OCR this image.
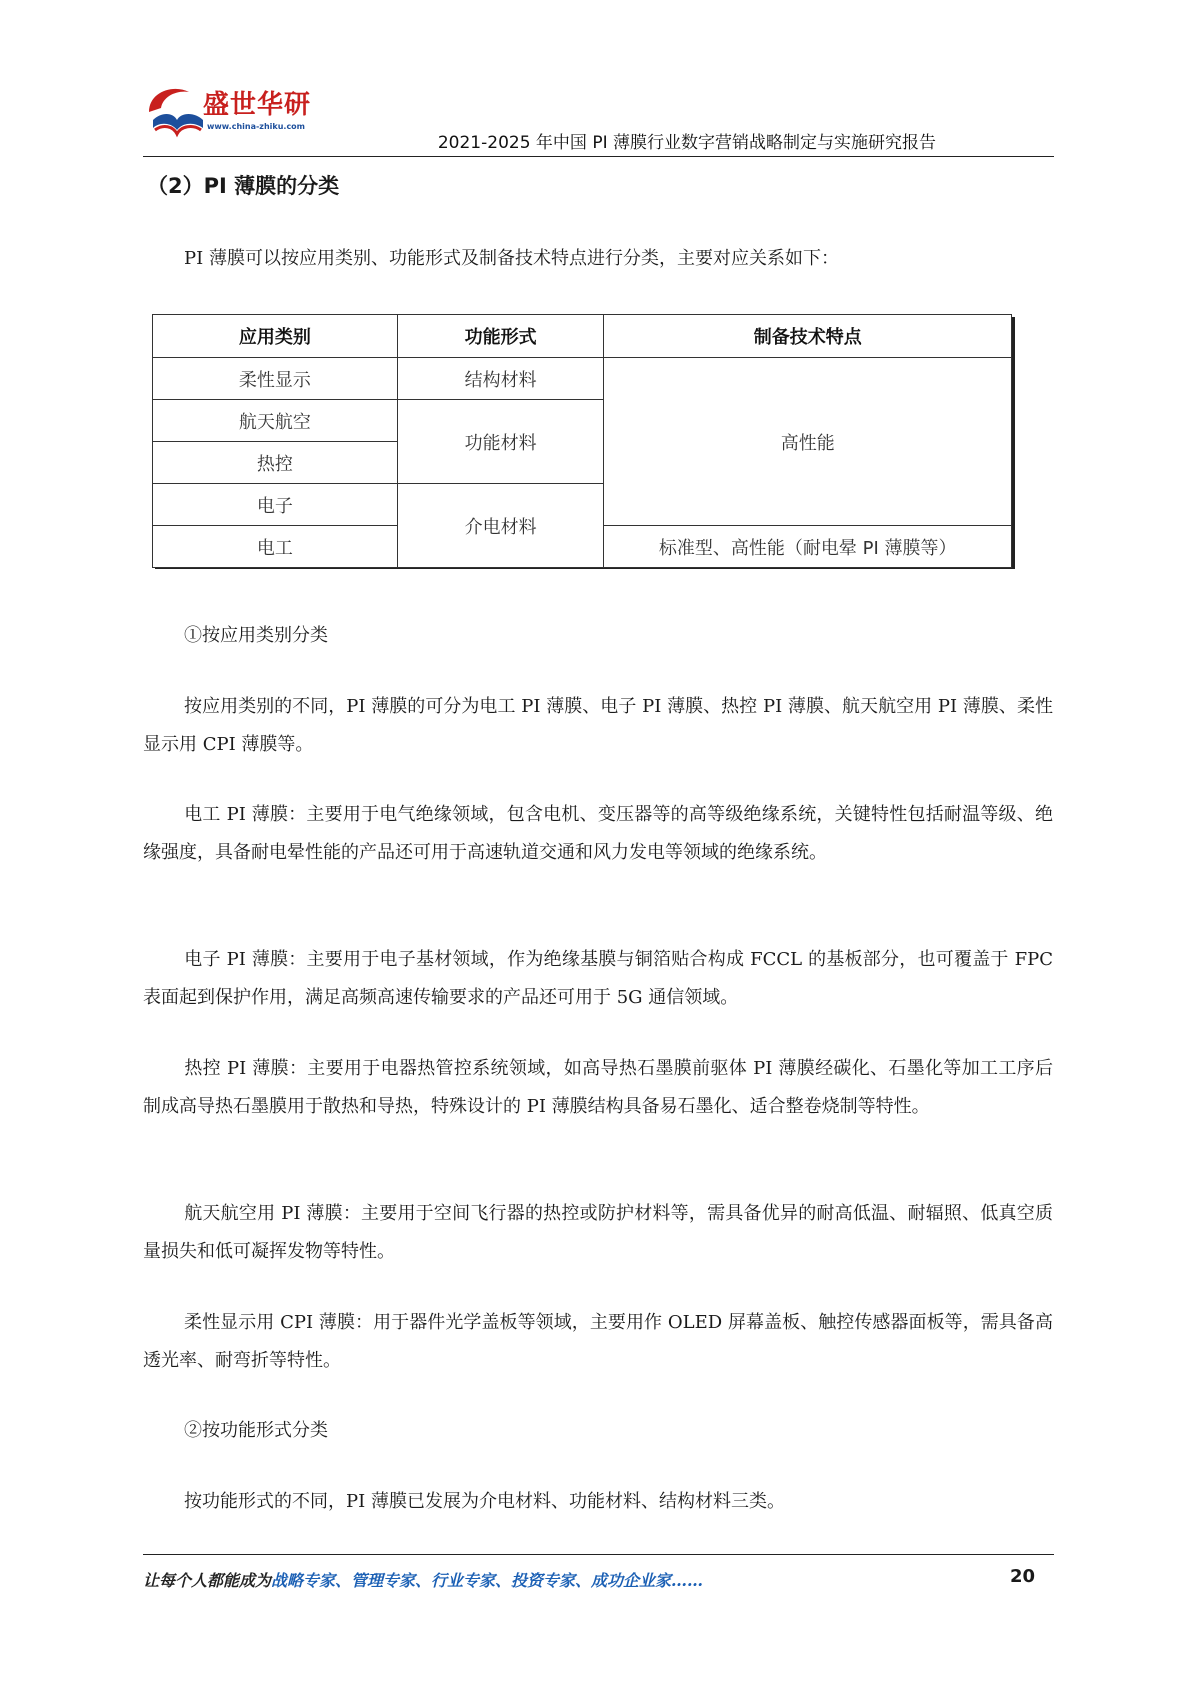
盛世华研
www.china-zhiku.com
2021-2025 年中国 PI 薄膜行业数字营销战略制定与实施研究报告
（2）PI 薄膜的分类

PI 薄膜可以按应用类别、功能形式及制备技术特点进行分类，主要对应关系如下：

应用类别	功能形式	制备技术特点
柔性显示	结构材料	高性能
航天航空	功能材料	
热控		
电子	介电材料	
电工		标准型、高性能（耐电晕 PI 薄膜等）

①按应用类别分类

按应用类别的不同，PI 薄膜的可分为电工 PI 薄膜、电子 PI 薄膜、热控 PI 薄膜、航天航空用 PI 薄膜、柔性显示用 CPI 薄膜等。

电工 PI 薄膜：主要用于电气绝缘领域，包含电机、变压器等的高等级绝缘系统，关键特性包括耐温等级、绝缘强度，具备耐电晕性能的产品还可用于高速轨道交通和风力发电等领域的绝缘系统。

电子 PI 薄膜：主要用于电子基材领域，作为绝缘基膜与铜箔贴合构成 FCCL 的基板部分，也可覆盖于 FPC 表面起到保护作用，满足高频高速传输要求的产品还可用于 5G 通信领域。

热控 PI 薄膜：主要用于电器热管控系统领域，如高导热石墨膜前驱体 PI 薄膜经碳化、石墨化等加工工序后制成高导热石墨膜用于散热和导热，特殊设计的 PI 薄膜结构具备易石墨化、适合整卷烧制等特性。

航天航空用 PI 薄膜：主要用于空间飞行器的热控或防护材料等，需具备优异的耐高低温、耐辐照、低真空质量损失和低可凝挥发物等特性。

柔性显示用 CPI 薄膜：用于器件光学盖板等领域，主要用作 OLED 屏幕盖板、触控传感器面板等，需具备高透光率、耐弯折等特性。

②按功能形式分类

按功能形式的不同，PI 薄膜已发展为介电材料、功能材料、结构材料三类。

让每个人都能成为战略专家、管理专家、行业专家、投资专家、成功企业家……	20
